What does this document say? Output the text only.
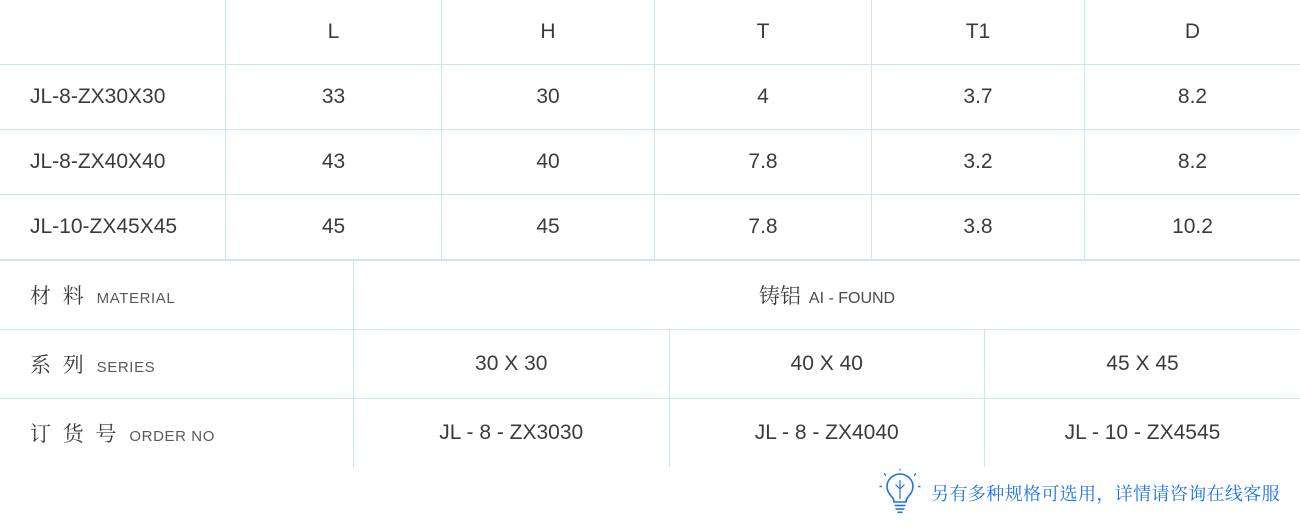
	L	H	T	T1	D
JL-8-ZX30X30	33	30	4	3.7	8.2
JL-8-ZX40X40	43	40	7.8	3.2	8.2
JL-10-ZX45X45	45	45	7.8	3.8	10.2
材 料 MATERIAL	铸铝 AI - FOUND		
系 列 SERIES	30 X 30	40 X 40	45 X 45
订 货 号 ORDER NO	JL - 8 - ZX3030	JL - 8 - ZX4040	JL - 10 - ZX4545
另有多种规格可选用，详情请咨询在线客服
